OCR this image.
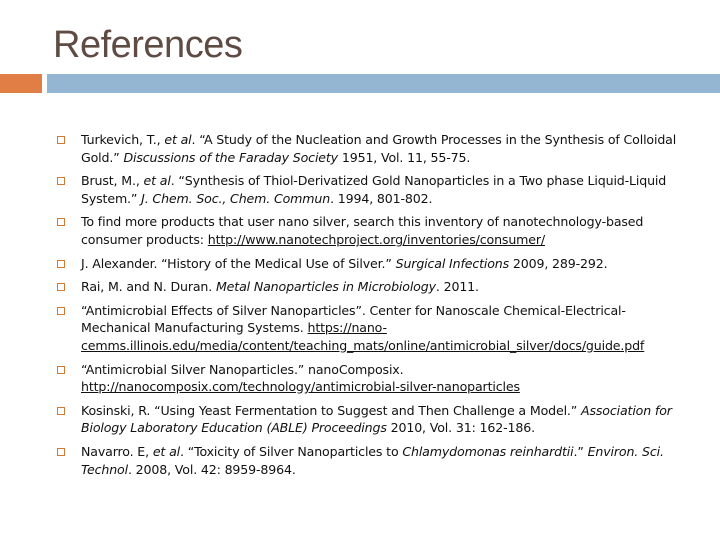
References
Turkevich, T., et al. “A Study of the Nucleation and Growth Processes in the Synthesis of Colloidal Gold.” Discussions of the Faraday Society 1951, Vol. 11, 55-75.
Brust, M., et al. “Synthesis of Thiol-Derivatized Gold Nanoparticles in a Two phase Liquid-Liquid System.” J. Chem. Soc., Chem. Commun. 1994, 801-802.
To find more products that user nano silver, search this inventory of nanotechnology-based consumer products: http://www.nanotechproject.org/inventories/consumer/
J. Alexander. “History of the Medical Use of Silver.” Surgical Infections 2009, 289-292.
Rai, M. and N. Duran. Metal Nanoparticles in Microbiology. 2011.
“Antimicrobial Effects of Silver Nanoparticles”. Center for Nanoscale Chemical-Electrical-Mechanical Manufacturing Systems. https://nano-cemms.illinois.edu/media/content/teaching_mats/online/antimicrobial_silver/docs/guide.pdf
“Antimicrobial Silver Nanoparticles.” nanoComposix. http://nanocomposix.com/technology/antimicrobial-silver-nanoparticles
Kosinski, R. “Using Yeast Fermentation to Suggest and Then Challenge a Model.” Association for Biology Laboratory Education (ABLE) Proceedings 2010, Vol. 31: 162-186.
Navarro. E, et al. “Toxicity of Silver Nanoparticles to Chlamydomonas reinhardtii.” Environ. Sci. Technol. 2008, Vol. 42: 8959-8964.
